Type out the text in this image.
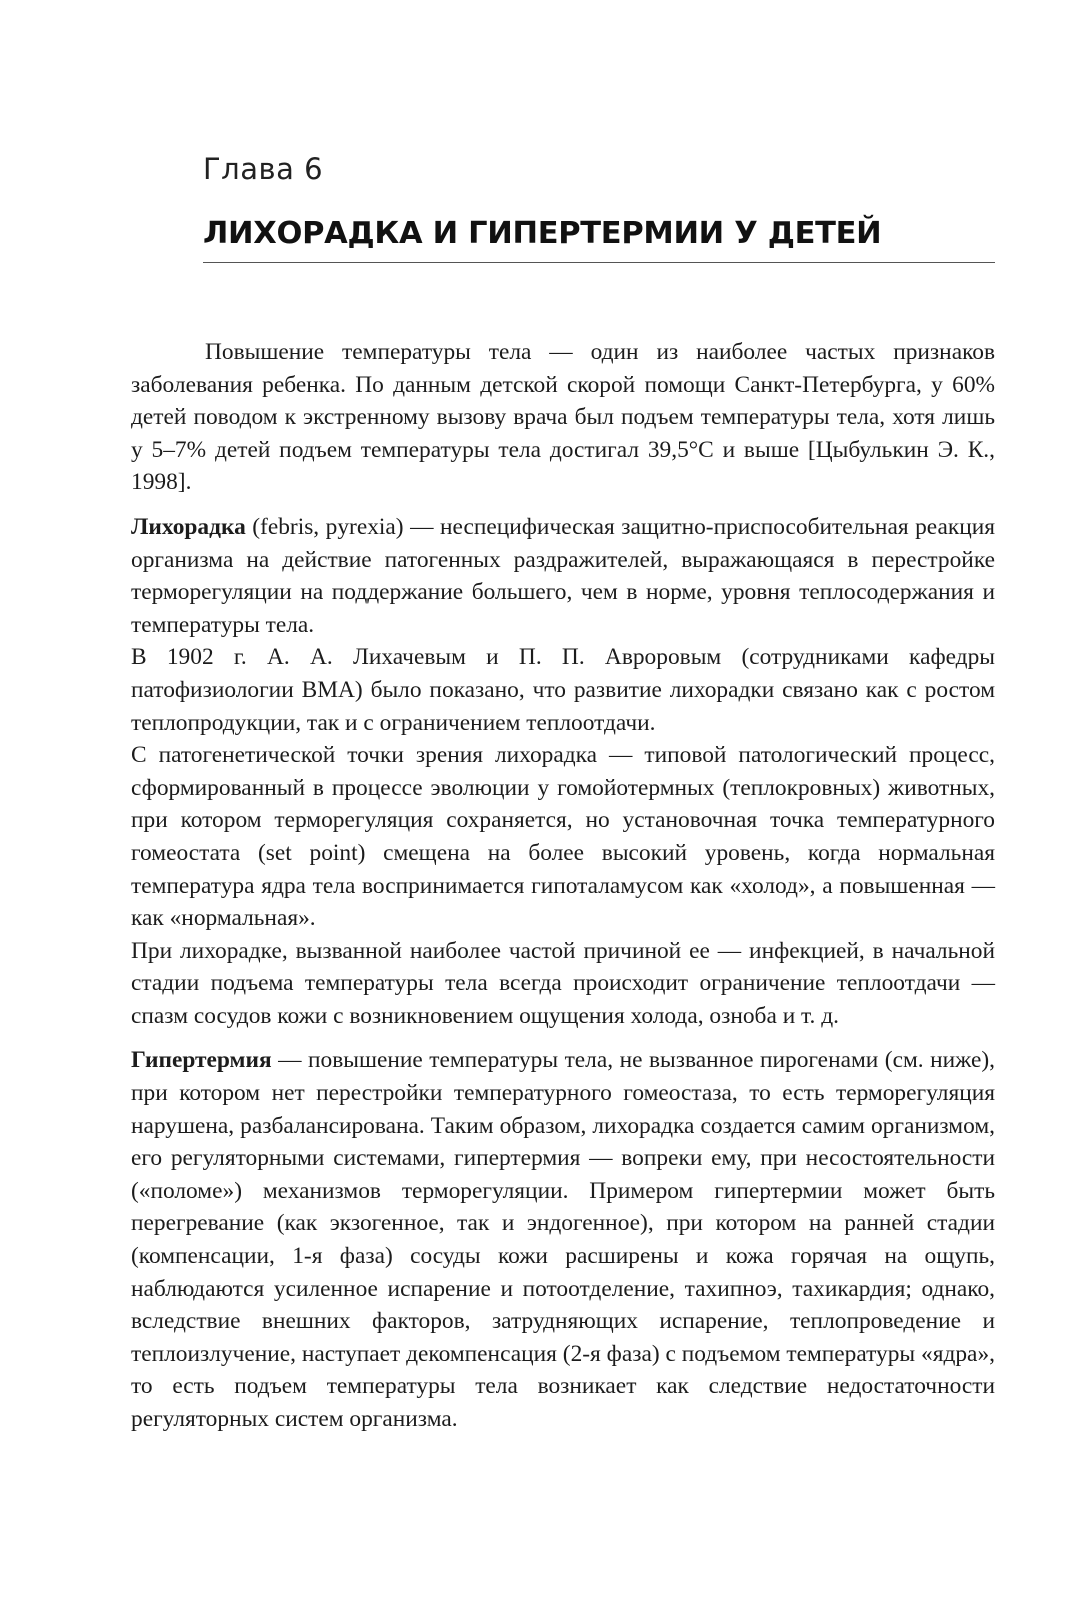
Глава 6
ЛИХОРАДКА И ГИПЕРТЕРМИИ У ДЕТЕЙ

Повышение температуры тела — один из наиболее частых признаков заболевания ребенка. По данным детской скорой помощи Санкт-Петербурга, у 60% детей поводом к экстренному вызову врача был подъем температуры тела, хотя лишь у 5–7% детей подъем температуры тела достигал 39,5°C и выше [Цыбулькин Э. К., 1998].

Лихорадка (febris, pyrexia) — неспецифическая защитно-приспособительная реакция организма на действие патогенных раздражителей, выражающаяся в перестройке терморегуляции на поддержание большего, чем в норме, уровня теплосодержания и температуры тела.

В 1902 г. А. А. Лихачевым и П. П. Авроровым (сотрудниками кафедры патофизиологии ВМА) было показано, что развитие лихорадки связано как с ростом теплопродукции, так и с ограничением теплоотдачи.

С патогенетической точки зрения лихорадка — типовой патологический процесс, сформированный в процессе эволюции у гомойотермных (теплокровных) животных, при котором терморегуляция сохраняется, но установочная точка температурного гомеостата (set point) смещена на более высокий уровень, когда нормальная температура ядра тела воспринимается гипоталамусом как «холод», а повышенная — как «нормальная».

При лихорадке, вызванной наиболее частой причиной ее — инфекцией, в начальной стадии подъема температуры тела всегда происходит ограничение теплоотдачи — спазм сосудов кожи с возникновением ощущения холода, озноба и т. д.

Гипертермия — повышение температуры тела, не вызванное пирогенами (см. ниже), при котором нет перестройки температурного гомеостаза, то есть терморегуляция нарушена, разбалансирована. Таким образом, лихорадка создается самим организмом, его регуляторными системами, гипертермия — вопреки ему, при несостоятельности («поломе») механизмов терморегуляции. Примером гипертермии может быть перегревание (как экзогенное, так и эндогенное), при котором на ранней стадии (компенсации, 1-я фаза) сосуды кожи расширены и кожа горячая на ощупь, наблюдаются усиленное испарение и потоотделение, тахипноэ, тахикардия; однако, вследствие внешних факторов, затрудняющих испарение, теплопроведение и теплоизлучение, наступает декомпенсация (2-я фаза) с подъемом температуры «ядра», то есть подъем температуры тела возникает как следствие недостаточности регуляторных систем организма.
